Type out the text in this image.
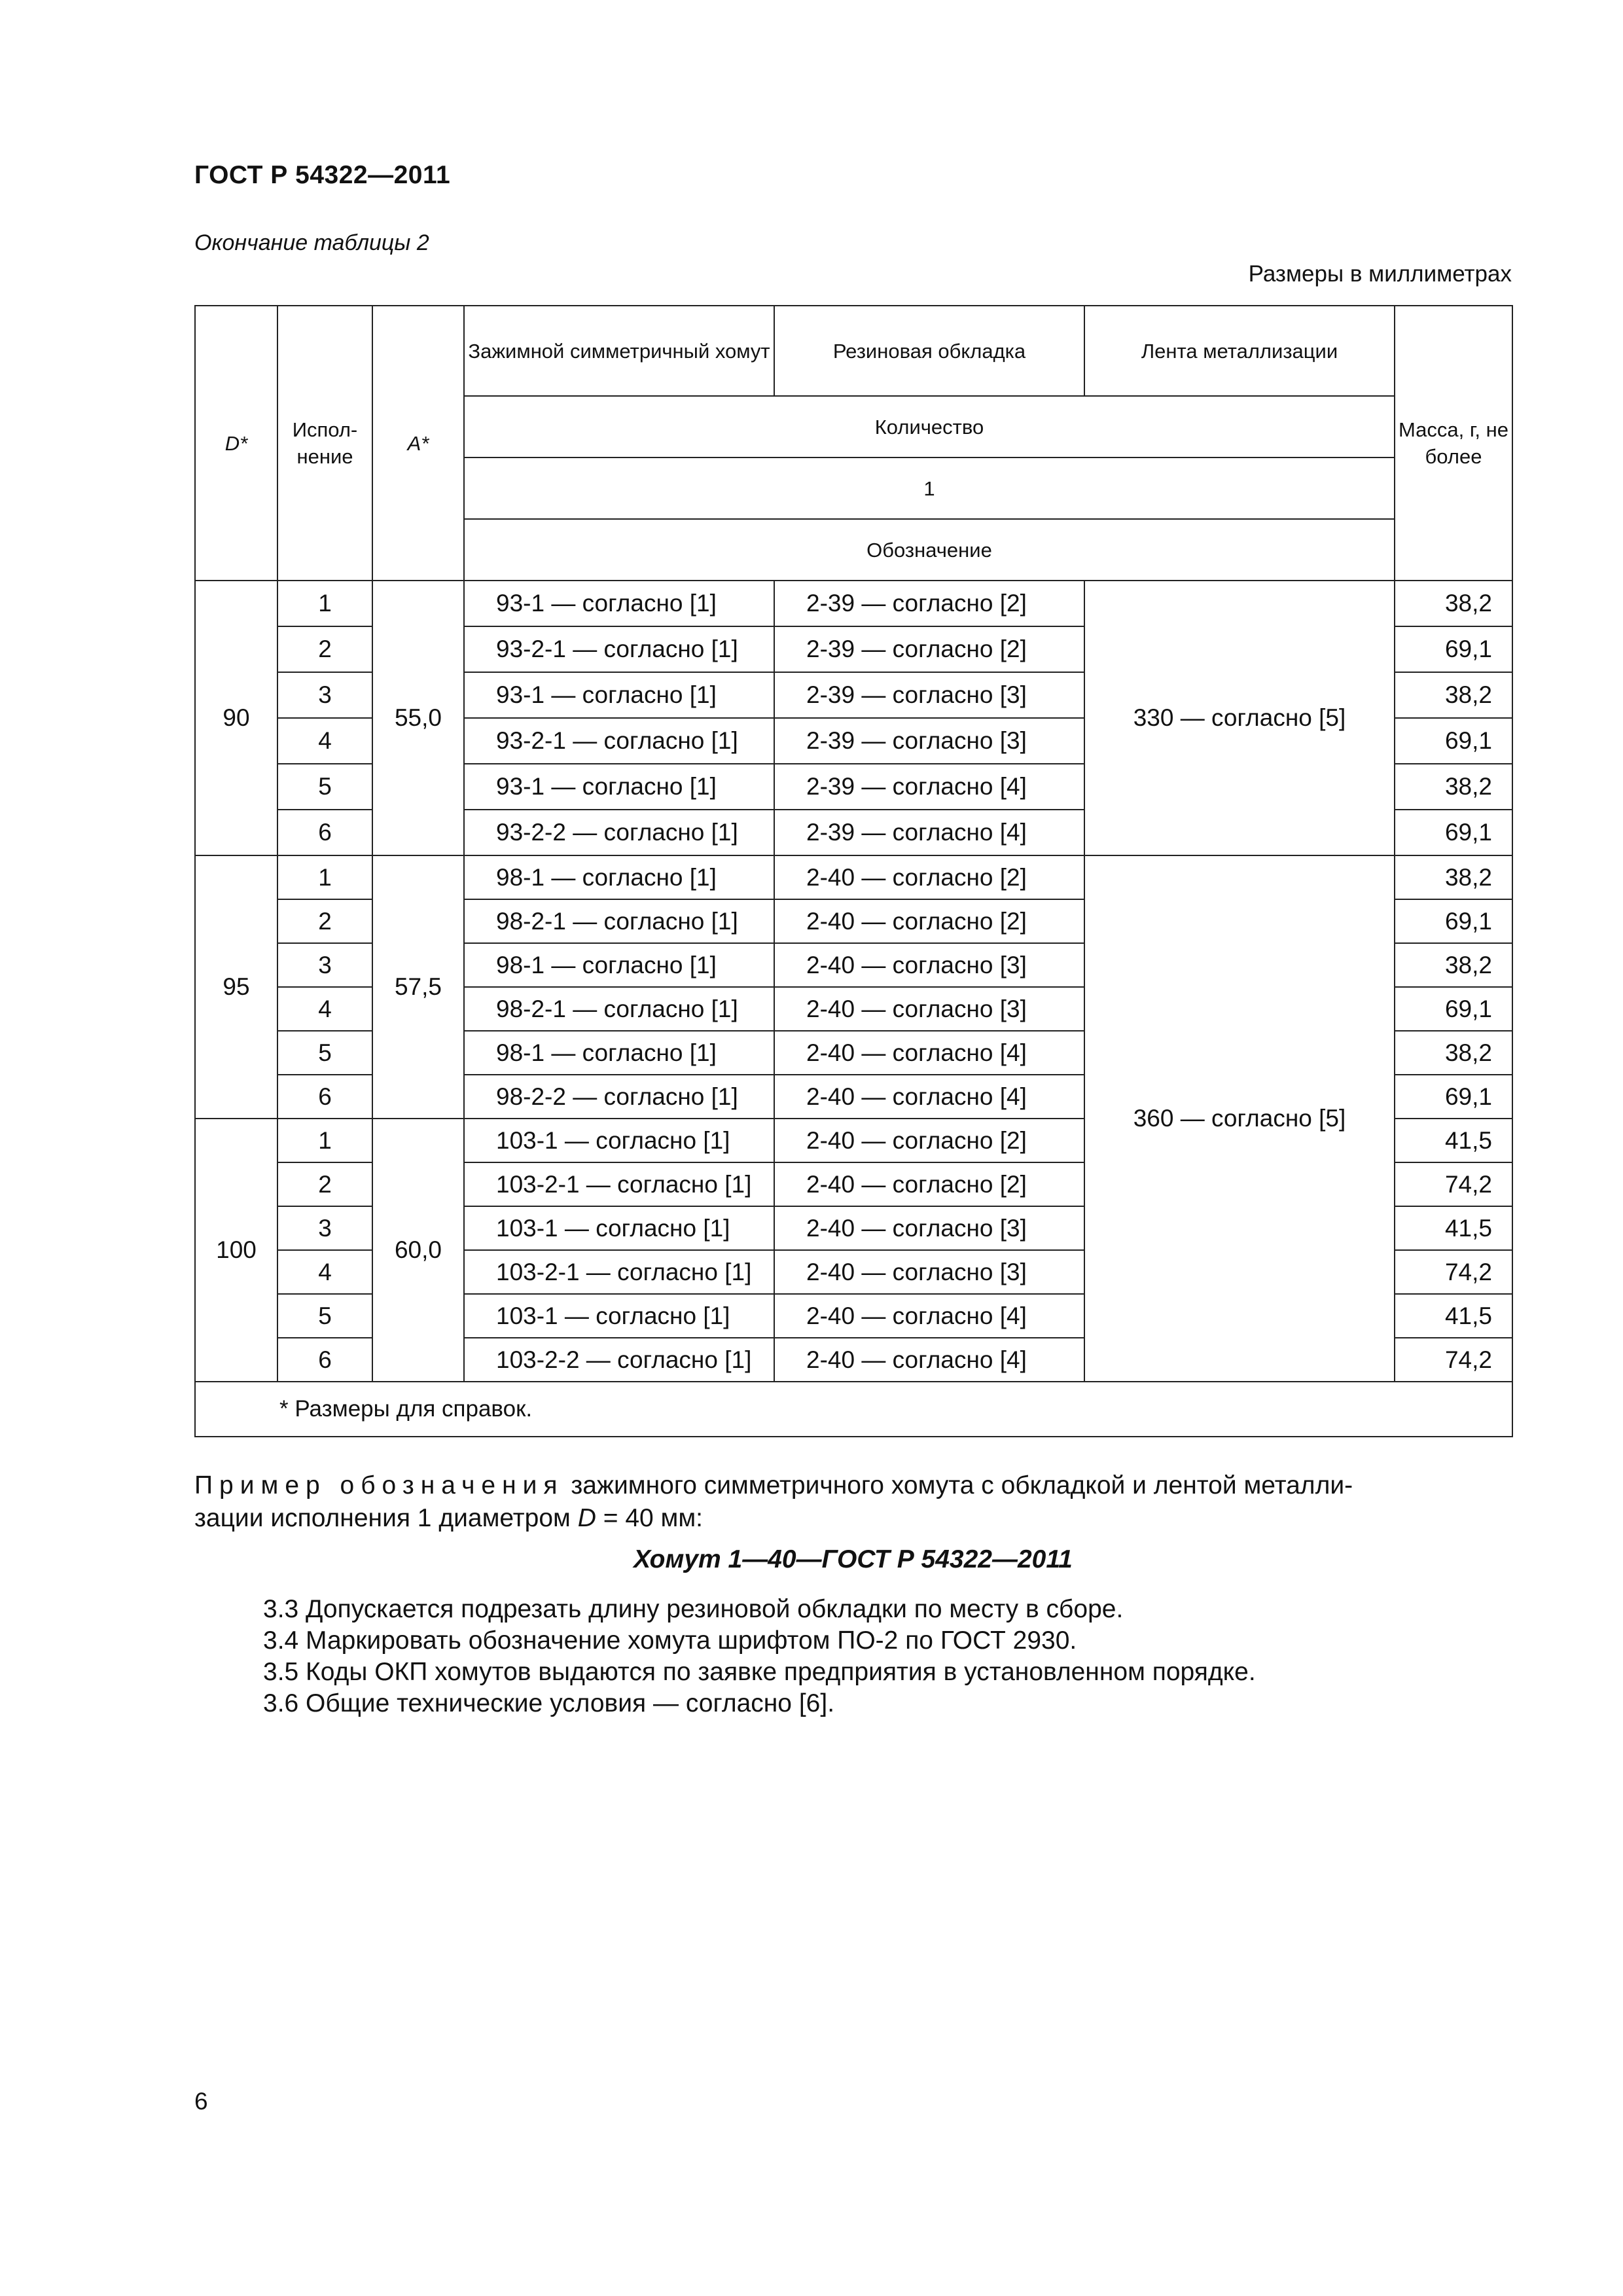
ГОСТ Р 54322—2011
Окончание таблицы 2
Размеры в миллиметрах
D*	Испол-нение	A*	Зажимной симметричный хомут	Резиновая обкладка	Лента металлизации	Масса, г, не более
			Количество			
			1			
			Обозначение			
90	1	55,0	93-1 — согласно [1]	2-39 — согласно [2]	330 — согласно [5]	38,2
	2		93-2-1 — согласно [1]	2-39 — согласно [2]		69,1
	3		93-1 — согласно [1]	2-39 — согласно [3]		38,2
	4		93-2-1 — согласно [1]	2-39 — согласно [3]		69,1
	5		93-1 — согласно [1]	2-39 — согласно [4]		38,2
	6		93-2-2 — согласно [1]	2-39 — согласно [4]		69,1
95	1	57,5	98-1 — согласно [1]	2-40 — согласно [2]	360 — согласно [5]	38,2
	2		98-2-1 — согласно [1]	2-40 — согласно [2]		69,1
	3		98-1 — согласно [1]	2-40 — согласно [3]		38,2
	4		98-2-1 — согласно [1]	2-40 — согласно [3]		69,1
	5		98-1 — согласно [1]	2-40 — согласно [4]		38,2
	6		98-2-2 — согласно [1]	2-40 — согласно [4]		69,1
100	1	60,0	103-1 — согласно [1]	2-40 — согласно [2]		41,5
	2		103-2-1 — согласно [1]	2-40 — согласно [2]		74,2
	3		103-1 — согласно [1]	2-40 — согласно [3]		41,5
	4		103-2-1 — согласно [1]	2-40 — согласно [3]		74,2
	5		103-1 — согласно [1]	2-40 — согласно [4]		41,5
	6		103-2-2 — согласно [1]	2-40 — согласно [4]		74,2
* Размеры для справок.						
Пример обозначения зажимного симметричного хомута с обкладкой и лентой металли-
зации исполнения 1 диаметром D = 40 мм:
Хомут 1—40—ГОСТ Р 54322—2011
3.3 Допускается подрезать длину резиновой обкладки по месту в сборе.
3.4 Маркировать обозначение хомута шрифтом ПО-2 по ГОСТ 2930.
3.5 Коды ОКП хомутов выдаются по заявке предприятия в установленном порядке.
3.6 Общие технические условия — согласно [6].
6
